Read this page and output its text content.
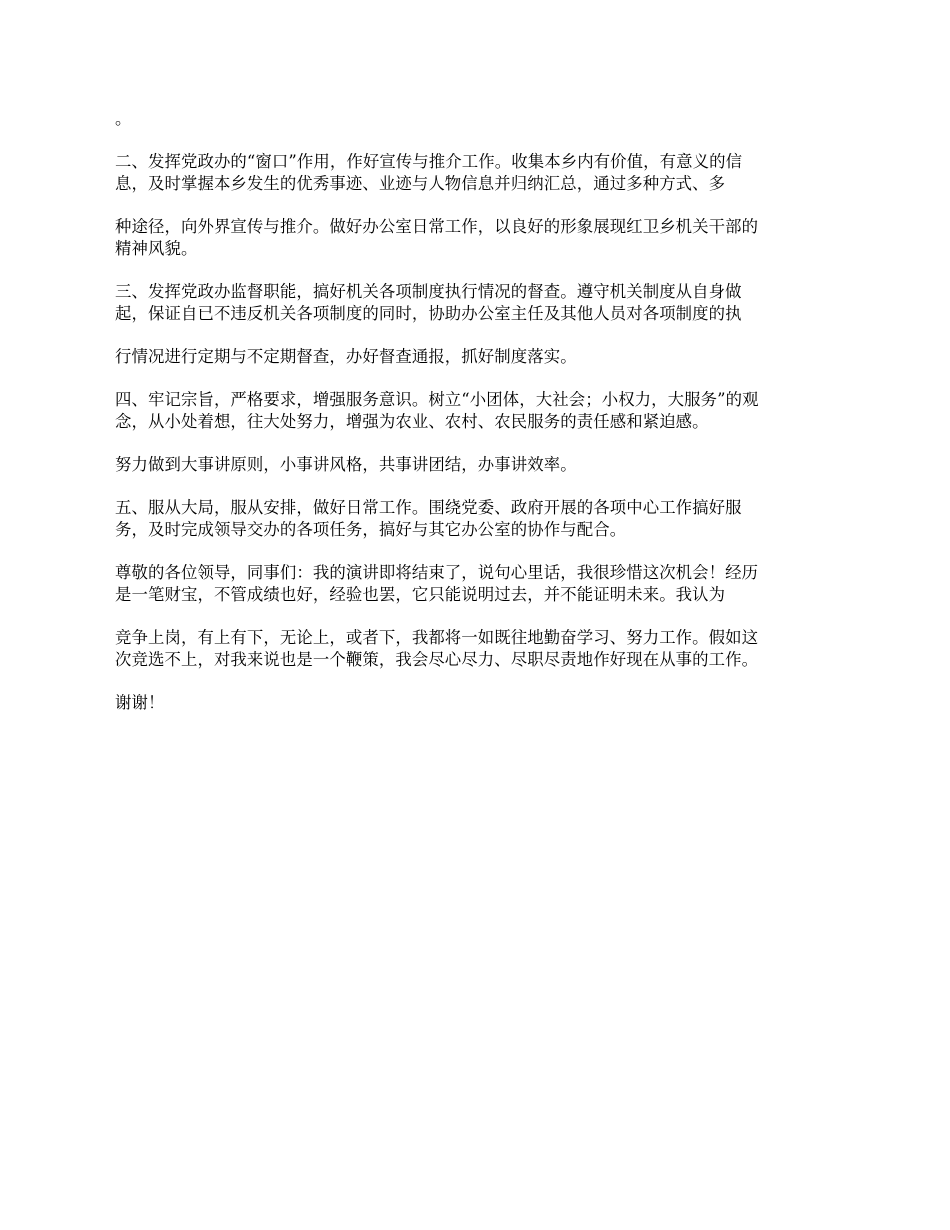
。
二、发挥党政办的“窗口”作用，作好宣传与推介工作。收集本乡内有价值，有意义的信
息，及时掌握本乡发生的优秀事迹、业迹与人物信息并归纳汇总，通过多种方式、多
种途径，向外界宣传与推介。做好办公室日常工作，以良好的形象展现红卫乡机关干部的
精神风貌。
三、发挥党政办监督职能，搞好机关各项制度执行情况的督查。遵守机关制度从自身做
起，保证自已不违反机关各项制度的同时，协助办公室主任及其他人员对各项制度的执
行情况进行定期与不定期督查，办好督查通报，抓好制度落实。
四、牢记宗旨，严格要求，增强服务意识。树立“小团体，大社会；小权力，大服务”的观
念，从小处着想，往大处努力，增强为农业、农村、农民服务的责任感和紧迫感。
努力做到大事讲原则，小事讲风格，共事讲团结，办事讲效率。
五、服从大局，服从安排，做好日常工作。围绕党委、政府开展的各项中心工作搞好服
务，及时完成领导交办的各项任务，搞好与其它办公室的协作与配合。
尊敬的各位领导，同事们：我的演讲即将结束了，说句心里话，我很珍惜这次机会！经历
是一笔财宝，不管成绩也好，经验也罢，它只能说明过去，并不能证明未来。我认为
竞争上岗，有上有下，无论上，或者下，我都将一如既往地勤奋学习、努力工作。假如这
次竞选不上，对我来说也是一个鞭策，我会尽心尽力、尽职尽责地作好现在从事的工作。
谢谢！
